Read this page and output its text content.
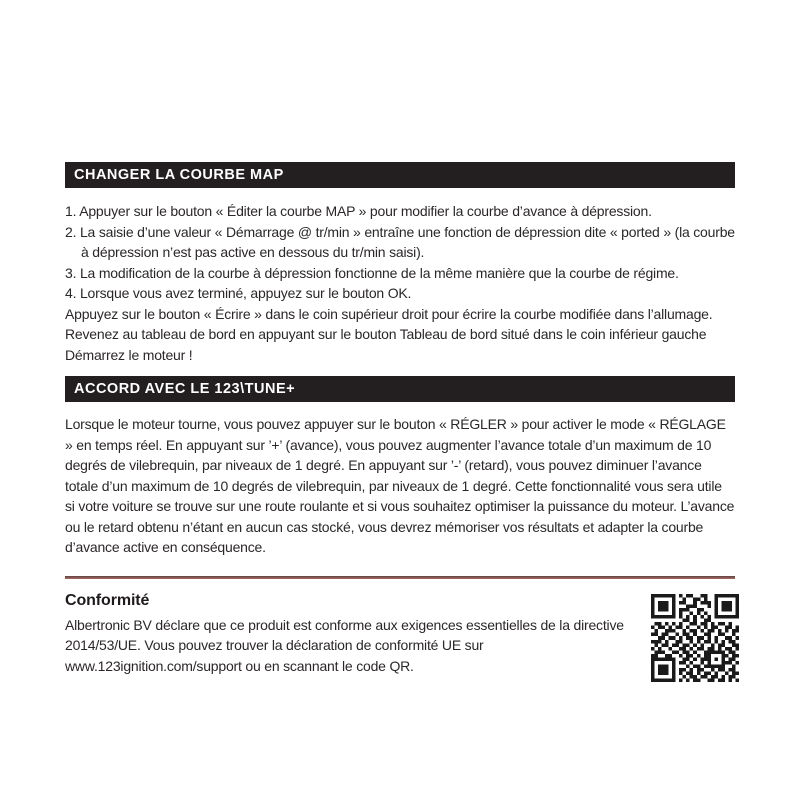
CHANGER LA COURBE MAP

1. Appuyer sur le bouton « Éditer la courbe MAP » pour modifier la courbe d’avance à dépression.

2. La saisie d’une valeur « Démarrage @ tr/min » entraîne une fonction de dépression dite « ported » (la courbe à dépression n’est pas active en dessous du tr/min saisi).

3. La modification de la courbe à dépression fonctionne de la même manière que la courbe de régime.

4. Lorsque vous avez terminé, appuyez sur le bouton OK.

Appuyez sur le bouton « Écrire » dans le coin supérieur droit pour écrire la courbe modifiée dans l’allumage.

Revenez au tableau de bord en appuyant sur le bouton Tableau de bord situé dans le coin inférieur gauche

Démarrez le moteur !

ACCORD AVEC LE 123\TUNE+

Lorsque le moteur tourne, vous pouvez appuyer sur le bouton « RÉGLER » pour activer le mode « RÉGLAGE » en temps réel. En appuyant sur ’+’ (avance), vous pouvez augmenter l’avance totale d’un maximum de 10 degrés de vilebrequin, par niveaux de 1 degré. En appuyant sur ’-’ (retard), vous pouvez diminuer l’avance totale d’un maximum de 10 degrés de vilebrequin, par niveaux de 1 degré. Cette fonctionnalité vous sera utile si votre voiture se trouve sur une route roulante et si vous souhaitez optimiser la puissance du moteur. L’avance ou le retard obtenu n’étant en aucun cas stocké, vous devrez mémoriser vos résultats et adapter la courbe d’avance active en conséquence.

Conformité

Albertronic BV déclare que ce produit est conforme aux exigences essentielles de la directive 2014/53/UE. Vous pouvez trouver la déclaration de conformité UE sur www.123ignition.com/support ou en scannant le code QR.
